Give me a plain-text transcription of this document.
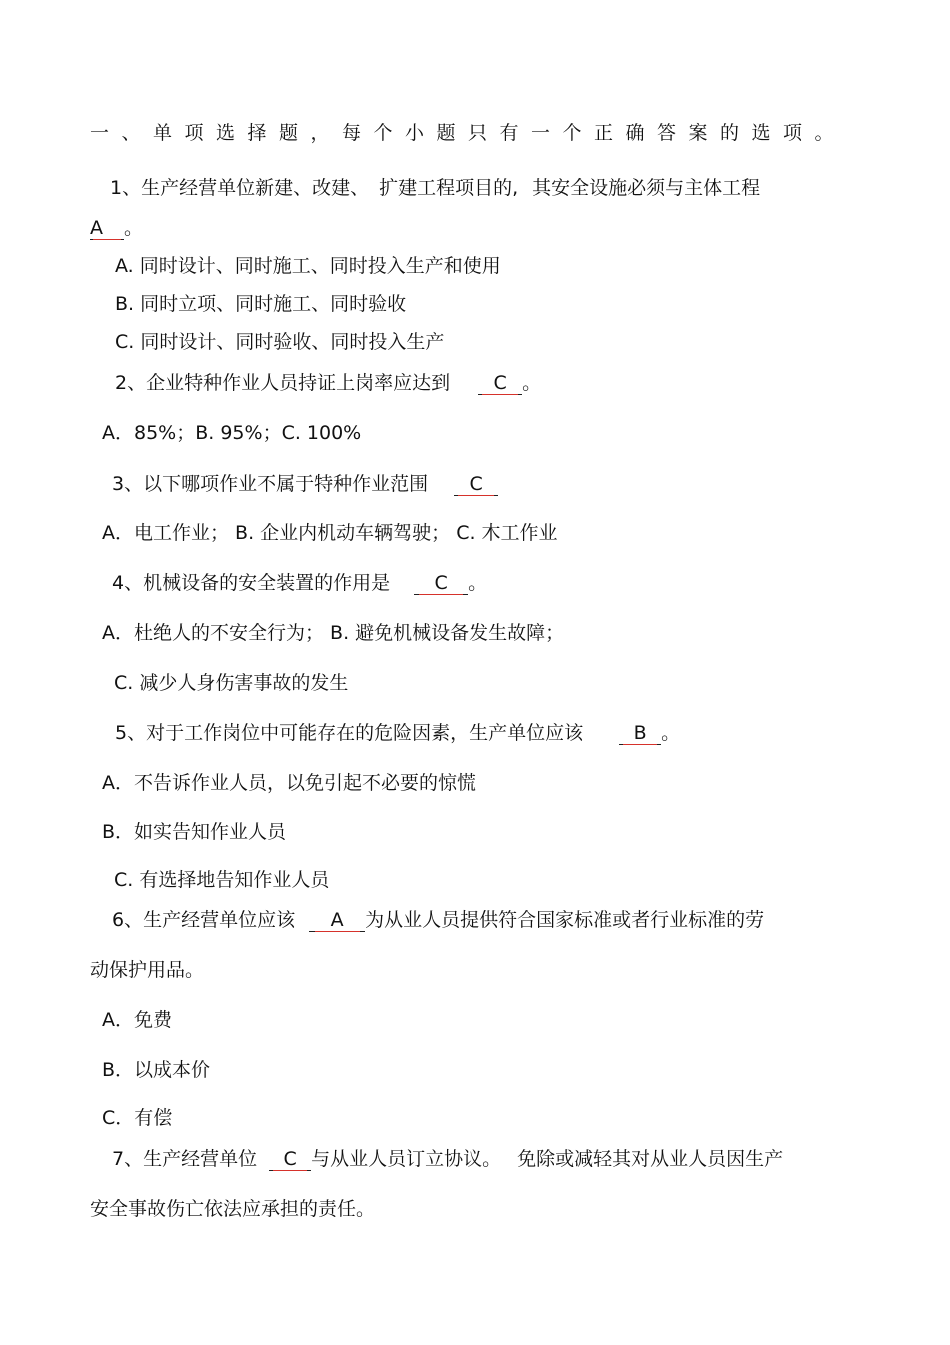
一、单项选择题，每个小题只有一个正确答案的选项。
1、生产经营单位新建、改建、 扩建工程项目的, 其安全设施必须与主体工程
A 。
A. 同时设计、同时施工、同时投入生产和使用
B. 同时立项、同时施工、同时验收
C. 同时设计、同时验收、同时投入生产
2、企业特种作业人员持证上岗率应达到 C 。
A．85%；B. 95%；C. 100%
3、以下哪项作业不属于特种作业范围 C
A．电工作业； B. 企业内机动车辆驾驶； C. 木工作业
4、机械设备的安全装置的作用是 C 。
A．杜绝人的不安全行为； B. 避免机械设备发生故障；
C. 减少人身伤害事故的发生
5、对于工作岗位中可能存在的危险因素，生产单位应该	B 。
A．不告诉作业人员，以免引起不必要的惊慌
B．如实告知作业人员
C. 有选择地告知作业人员
6、生产经营单位应该 A 为从业人员提供符合国家标准或者行业标准的劳
动保护用品。
A．免费
B．以成本价
C．有偿
7、生产经营单位 C 与从业人员订立协议。 免除或减轻其对从业人员因生产
安全事故伤亡依法应承担的责任。
